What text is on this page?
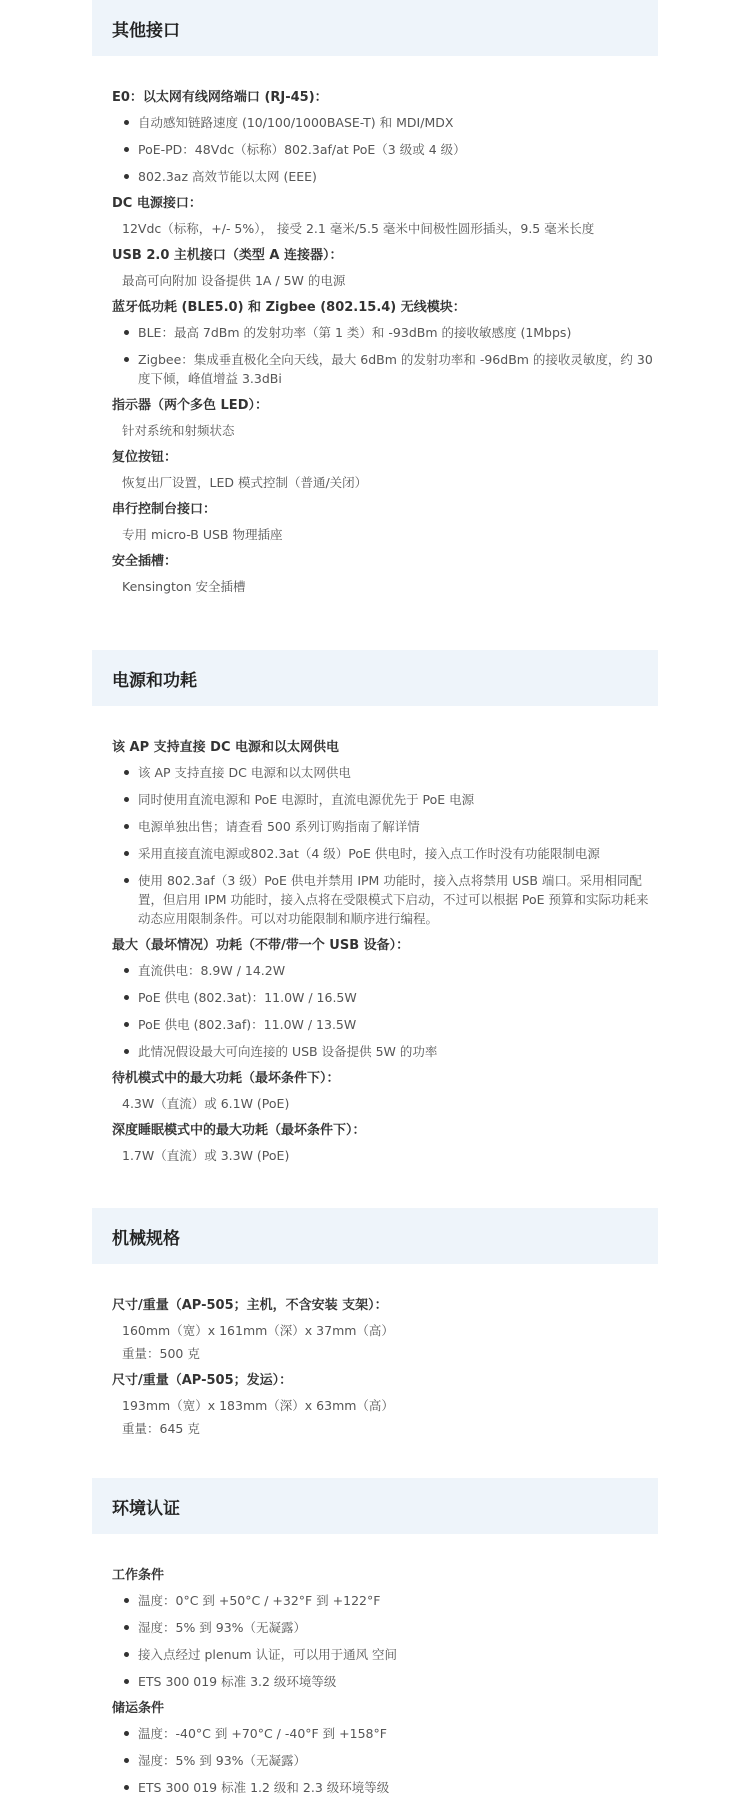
其他接口
E0：以太网有线网络端口 (RJ-45)：
自动感知链路速度 (10/100/1000BASE-T) 和 MDI/MDX
PoE-PD：48Vdc（标称）802.3af/at PoE（3 级或 4 级）
802.3az 高效节能以太网 (EEE)
DC 电源接口：
12Vdc（标称，+/- 5%）， 接受 2.1 毫米/5.5 毫米中间极性圆形插头，9.5 毫米长度
USB 2.0 主机接口（类型 A 连接器）：
最高可向附加 设备提供 1A / 5W 的电源
蓝牙低功耗 (BLE5.0) 和 Zigbee (802.15.4) 无线模块：
BLE：最高 7dBm 的发射功率（第 1 类）和 -93dBm 的接收敏感度 (1Mbps)
Zigbee：集成垂直极化全向天线，最大 6dBm 的发射功率和 -96dBm 的接收灵敏度，约 30 度下倾，峰值增益 3.3dBi
指示器（两个多色 LED）：
针对系统和射频状态
复位按钮：
恢复出厂设置，LED 模式控制（普通/关闭）
串行控制台接口：
专用 micro-B USB 物理插座
安全插槽：
Kensington 安全插槽
电源和功耗
该 AP 支持直接 DC 电源和以太网供电
该 AP 支持直接 DC 电源和以太网供电
同时使用直流电源和 PoE 电源时，直流电源优先于 PoE 电源
电源单独出售；请查看 500 系列订购指南了解详情
采用直接直流电源或802.3at（4 级）PoE 供电时，接入点工作时没有功能限制电源
使用 802.3af（3 级）PoE 供电并禁用 IPM 功能时，接入点将禁用 USB 端口。采用相同配置，但启用 IPM 功能时，接入点将在受限模式下启动，不过可以根据 PoE 预算和实际功耗来动态应用限制条件。可以对功能限制和顺序进行编程。
最大（最坏情况）功耗（不带/带一个 USB 设备）：
直流供电：8.9W / 14.2W
PoE 供电 (802.3at)：11.0W / 16.5W
PoE 供电 (802.3af)：11.0W / 13.5W
此情况假设最大可向连接的 USB 设备提供 5W 的功率
待机模式中的最大功耗（最坏条件下）：
4.3W（直流）或 6.1W (PoE)
深度睡眠模式中的最大功耗（最坏条件下）：
1.7W（直流）或 3.3W (PoE)
机械规格
尺寸/重量（AP-505；主机，不含安装 支架）：
160mm（宽）x 161mm（深）x 37mm（高）
重量：500 克
尺寸/重量（AP-505；发运）：
193mm（宽）x 183mm（深）x 63mm（高）
重量：645 克
环境认证
工作条件
温度：0°C 到 +50°C / +32°F 到 +122°F
湿度：5% 到 93%（无凝露）
接入点经过 plenum 认证，可以用于通风 空间
ETS 300 019 标准 3.2 级环境等级
储运条件
温度：-40°C 到 +70°C / -40°F 到 +158°F
湿度：5% 到 93%（无凝露）
ETS 300 019 标准 1.2 级和 2.3 级环境等级
